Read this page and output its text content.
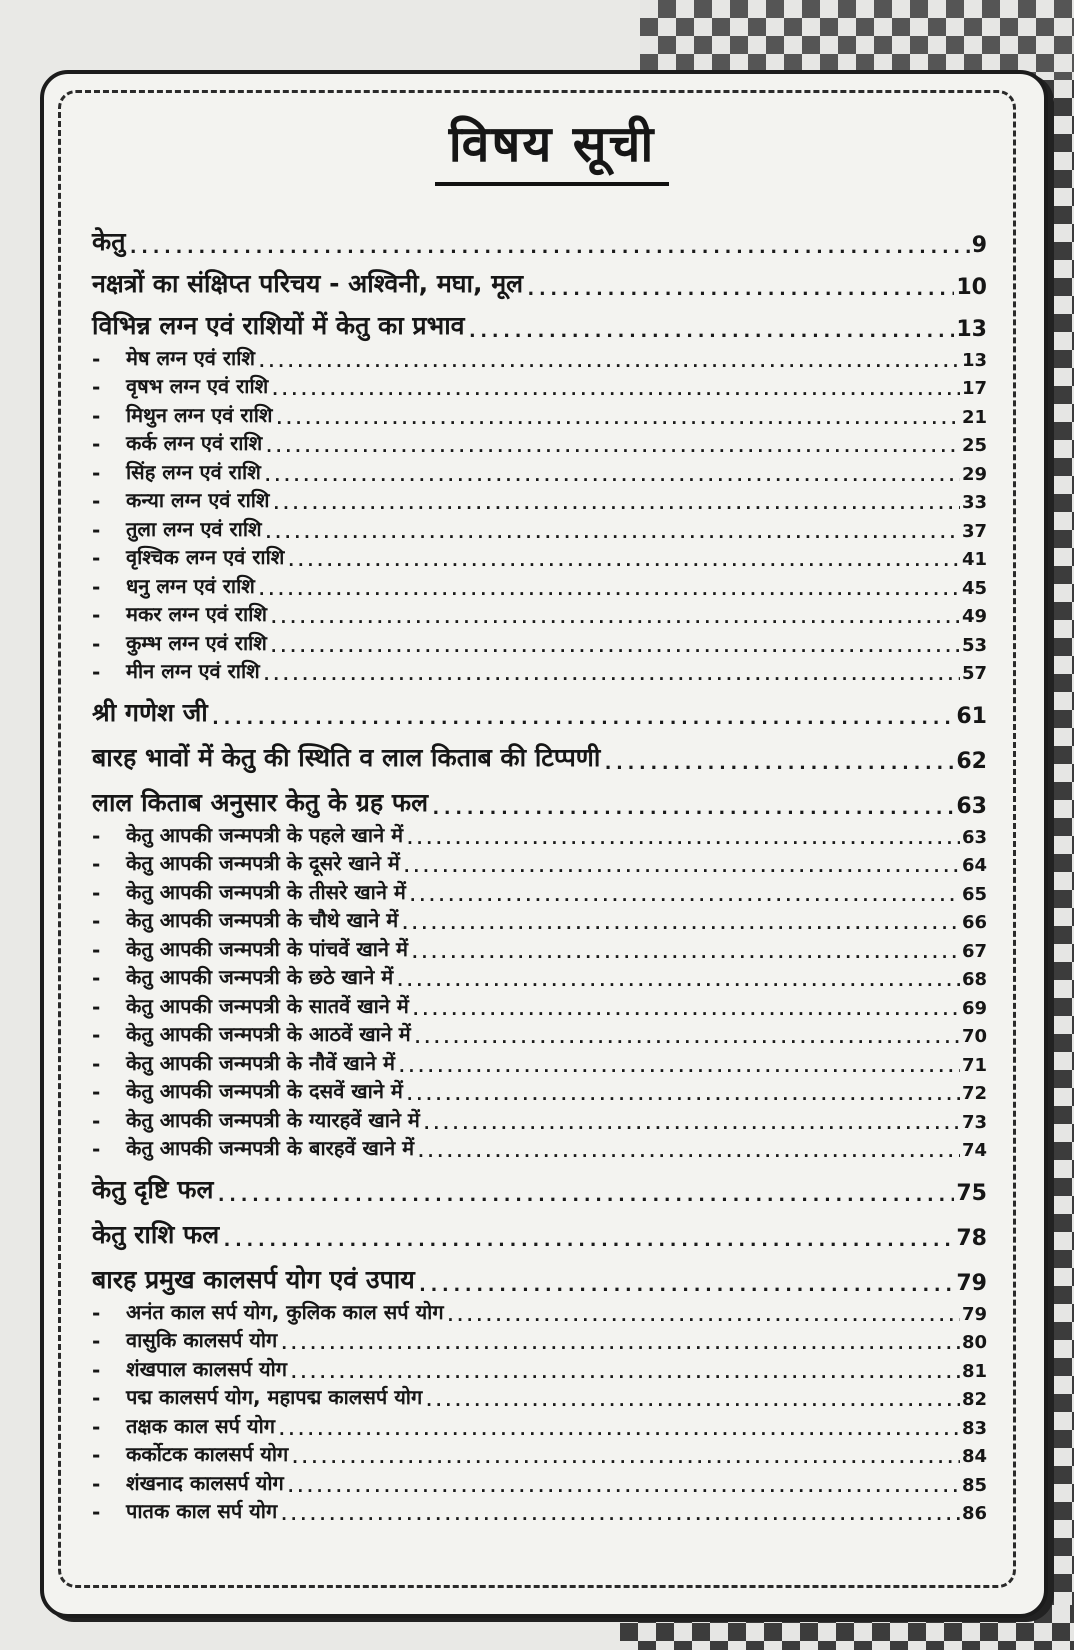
विषय सूची
केतु .....	9
नक्षत्रों का संक्षिप्त परिचय - अश्विनी, मघा, मूल .....	10
विभिन्न लग्न एवं राशियों में केतु का प्रभाव .....	13
-	मेष लग्न एवं राशि .....	13
-	वृषभ लग्न एवं राशि .....	17
-	मिथुन लग्न एवं राशि .....	21
-	कर्क लग्न एवं राशि .....	25
-	सिंह लग्न एवं राशि .....	29
-	कन्या लग्न एवं राशि .....	33
-	तुला लग्न एवं राशि .....	37
-	वृश्चिक लग्न एवं राशि .....	41
-	धनु लग्न एवं राशि .....	45
-	मकर लग्न एवं राशि .....	49
-	कुम्भ लग्न एवं राशि .....	53
-	मीन लग्न एवं राशि .....	57
श्री गणेश जी .....	61
बारह भावों में केतु की स्थिति व लाल किताब की टिप्पणी .....	62
लाल किताब अनुसार केतु के ग्रह फल .....	63
-	केतु आपकी जन्मपत्री के पहले खाने में .....	63
-	केतु आपकी जन्मपत्री के दूसरे खाने में .....	64
-	केतु आपकी जन्मपत्री के तीसरे खाने में .....	65
-	केतु आपकी जन्मपत्री के चौथे खाने में .....	66
-	केतु आपकी जन्मपत्री के पांचवें खाने में .....	67
-	केतु आपकी जन्मपत्री के छठे खाने में .....	68
-	केतु आपकी जन्मपत्री के सातवें खाने में .....	69
-	केतु आपकी जन्मपत्री के आठवें खाने में .....	70
-	केतु आपकी जन्मपत्री के नौवें खाने में .....	71
-	केतु आपकी जन्मपत्री के दसवें खाने में .....	72
-	केतु आपकी जन्मपत्री के ग्यारहवें खाने में .....	73
-	केतु आपकी जन्मपत्री के बारहवें खाने में .....	74
केतु दृष्टि फल .....	75
केतु राशि फल .....	78
बारह प्रमुख कालसर्प योग एवं उपाय .....	79
-	अनंत काल सर्प योग, कुलिक काल सर्प योग .....	79
-	वासुकि कालसर्प योग .....	80
-	शंखपाल कालसर्प योग .....	81
-	पद्म कालसर्प योग, महापद्म कालसर्प योग .....	82
-	तक्षक काल सर्प योग .....	83
-	कर्कोटक कालसर्प योग .....	84
-	शंखनाद कालसर्प योग .....	85
-	पातक काल सर्प योग .....	86
